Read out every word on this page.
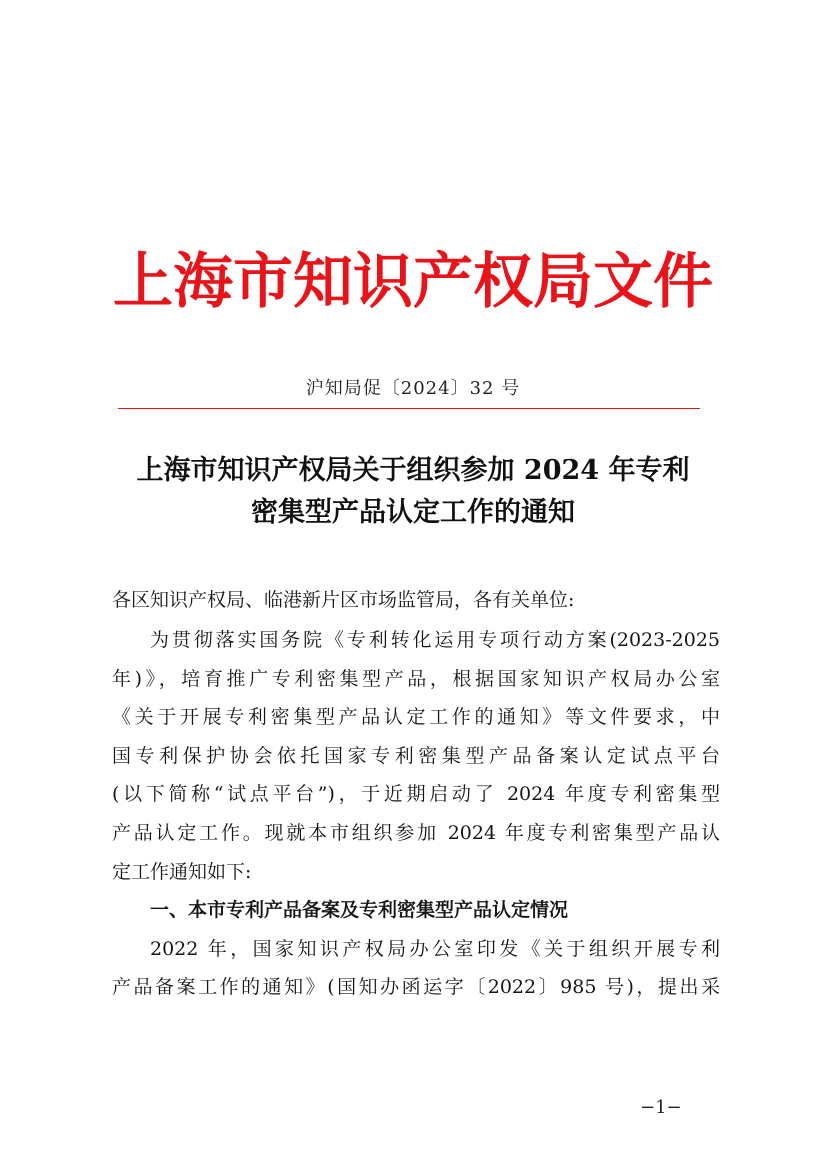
上海市知识产权局文件
沪知局促〔2024〕32 号
上海市知识产权局关于组织参加 2024 年专利
密集型产品认定工作的通知
各区知识产权局、临港新片区市场监管局，各有关单位:
为贯彻落实国务院《专利转化运用专项行动方案(2023-2025
年)》，培育推广专利密集型产品，根据国家知识产权局办公室
《关于开展专利密集型产品认定工作的通知》等文件要求，中
国专利保护协会依托国家专利密集型产品备案认定试点平台
(以下简称“试点平台”)，于近期启动了 2024 年度专利密集型
产品认定工作。现就本市组织参加 2024 年度专利密集型产品认
定工作通知如下:
一、本市专利产品备案及专利密集型产品认定情况
2022 年，国家知识产权局办公室印发《关于组织开展专利
产品备案工作的通知》(国知办函运字〔2022〕985 号)，提出采
−1−
